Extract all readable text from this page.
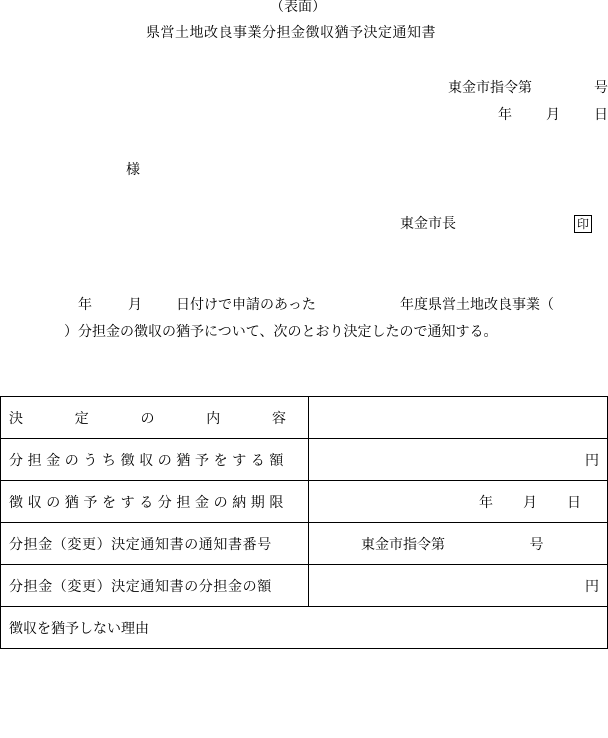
（表面）
県営土地改良事業分担金徴収猶予決定通知書
東金市指令第	号
年 月 日
様
東金市長	印
年	月 日付けで申請のあった	年度県営土地改良事業（
）分担金の徴収の猶予について、次のとおり決定したので通知する。
決 定 の 内 容	

分担金のうち徴収の猶予をする額	円
徴収の猶予をする分担金の納期限	年 月 日

分担金（変更）決定通知書の通知書番号	東金市指令第 号
分担金（変更）決定通知書の分担金の額	円
徴収を猶予しない理由	
